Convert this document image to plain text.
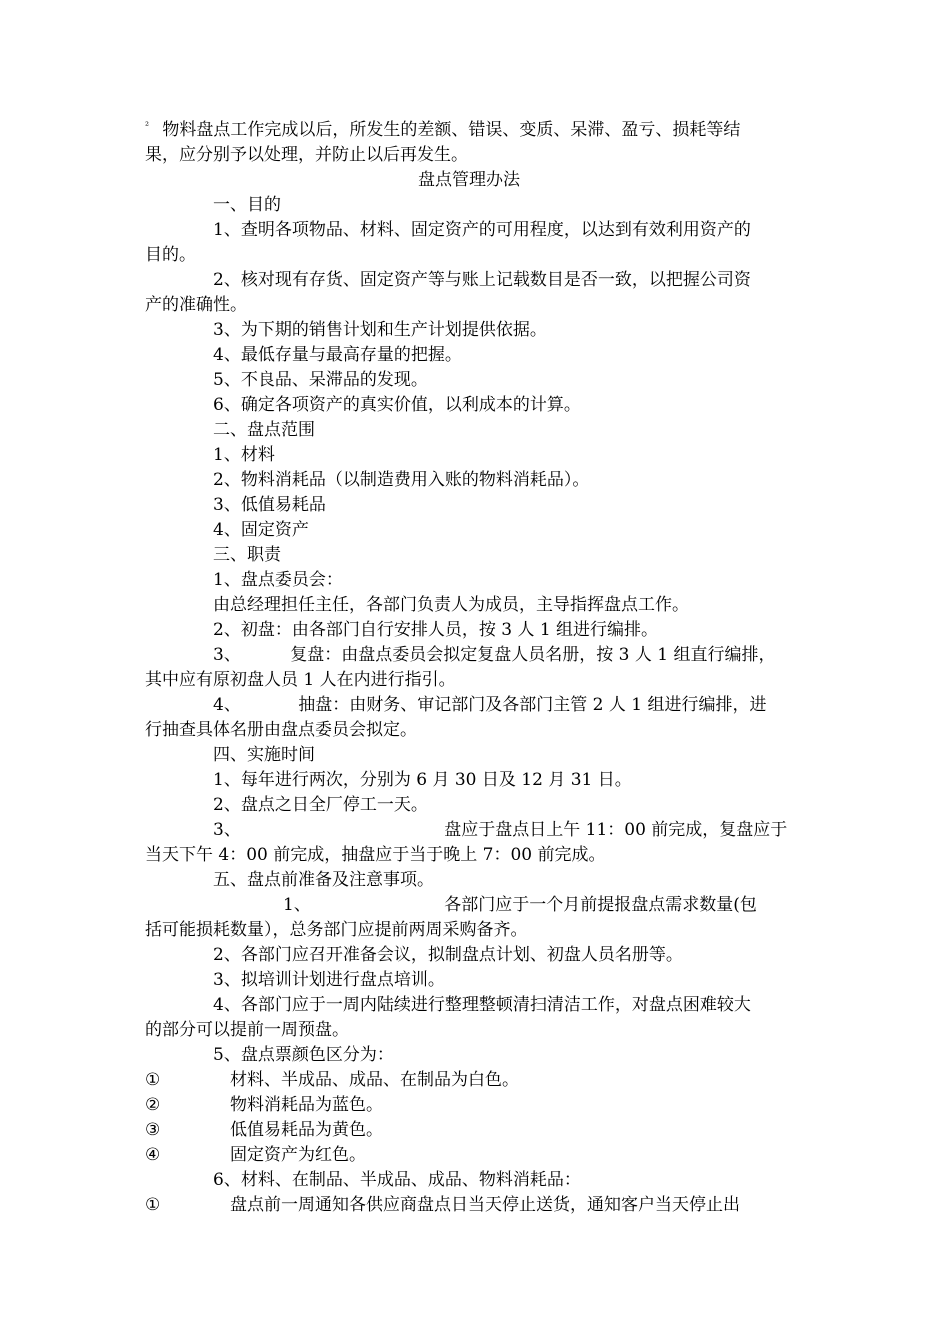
$^{^2}$ 物料盘点工作完成以后，所发生的差额、错误、变质、呆滞、盈亏、损耗等结
果，应分别予以处理，并防止以后再发生。
盘点管理办法
一、目的
1、查明各项物品、材料、固定资产的可用程度，以达到有效利用资产的
目的。
2、核对现有存货、固定资产等与账上记载数目是否一致，以把握公司资
产的准确性。
3、为下期的销售计划和生产计划提供依据。
4、最低存量与最高存量的把握。
5、不良品、呆滞品的发现。
6、确定各项资产的真实价值，以利成本的计算。
二、盘点范围
1、材料
2、物料消耗品（以制造费用入账的物料消耗品）。
3、低值易耗品
4、固定资产
三、职责
1、盘点委员会：
由总经理担任主任，各部门负责人为成员，主导指挥盘点工作。
2、初盘：由各部门自行安排人员，按 3 人 1 组进行编排。
3、	复盘：由盘点委员会拟定复盘人员名册，按 3 人 1 组直行编排，
其中应有原初盘人员 1 人在内进行指引。
4、	抽盘：由财务、审记部门及各部门主管 2 人 1 组进行编排，进
行抽查具体名册由盘点委员会拟定。
四、实施时间
1、每年进行两次，分别为 6 月 30 日及 12 月 31 日。
2、盘点之日全厂停工一天。
3、	盘应于盘点日上午 11：00 前完成，复盘应于
当天下午 4：00 前完成，抽盘应于当于晚上 7：00 前完成。
五、盘点前准备及注意事项。
1、	各部门应于一个月前提报盘点需求数量(包
括可能损耗数量），总务部门应提前两周采购备齐。
2、各部门应召开准备会议，拟制盘点计划、初盘人员名册等。
3、拟培训计划进行盘点培训。
4、各部门应于一周内陆续进行整理整顿清扫清洁工作，对盘点困难较大
的部分可以提前一周预盘。
5、盘点票颜色区分为：
①	材料、半成品、成品、在制品为白色。
②	物料消耗品为蓝色。
③	低值易耗品为黄色。
④	固定资产为红色。
6、材料、在制品、半成品、成品、物料消耗品：
①	盘点前一周通知各供应商盘点日当天停止送货，通知客户当天停止出
